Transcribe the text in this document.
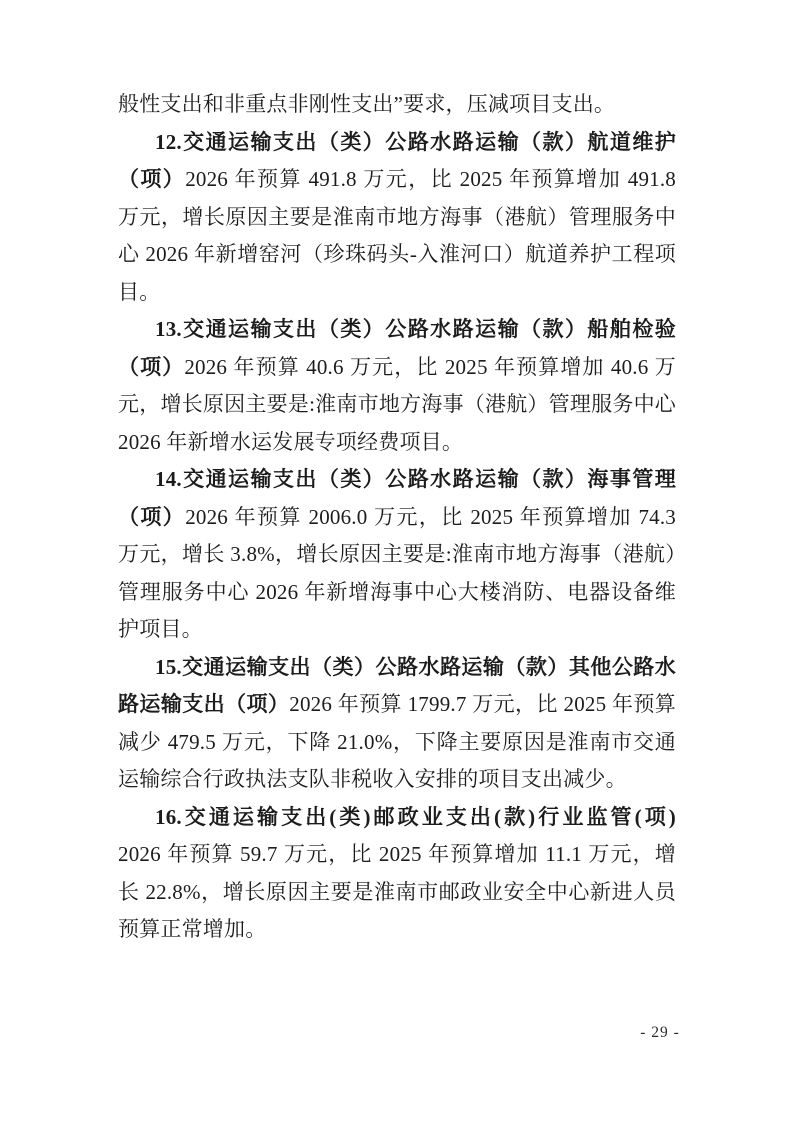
般性支出和非重点非刚性支出”要求，压减项目支出。

12.交通运输支出（类）公路水路运输（款）航道维护（项）2026 年预算 491.8 万元，比 2025 年预算增加 491.8 万元，增长原因主要是淮南市地方海事（港航）管理服务中心 2026 年新增窑河（珍珠码头-入淮河口）航道养护工程项目。

13.交通运输支出（类）公路水路运输（款）船舶检验（项）2026 年预算 40.6 万元，比 2025 年预算增加 40.6 万元，增长原因主要是:淮南市地方海事（港航）管理服务中心 2026 年新增水运发展专项经费项目。

14.交通运输支出（类）公路水路运输（款）海事管理（项）2026 年预算 2006.0 万元，比 2025 年预算增加 74.3 万元，增长 3.8%，增长原因主要是:淮南市地方海事（港航）管理服务中心 2026 年新增海事中心大楼消防、电器设备维护项目。

15.交通运输支出（类）公路水路运输（款）其他公路水路运输支出（项）2026 年预算 1799.7 万元，比 2025 年预算减少 479.5 万元，下降 21.0%，下降主要原因是淮南市交通运输综合行政执法支队非税收入安排的项目支出减少。

16.交通运输支出(类)邮政业支出(款)行业监管(项)
2026 年预算 59.7 万元，比 2025 年预算增加 11.1 万元，增长 22.8%，增长原因主要是淮南市邮政业安全中心新进人员预算正常增加。

- 29 -
